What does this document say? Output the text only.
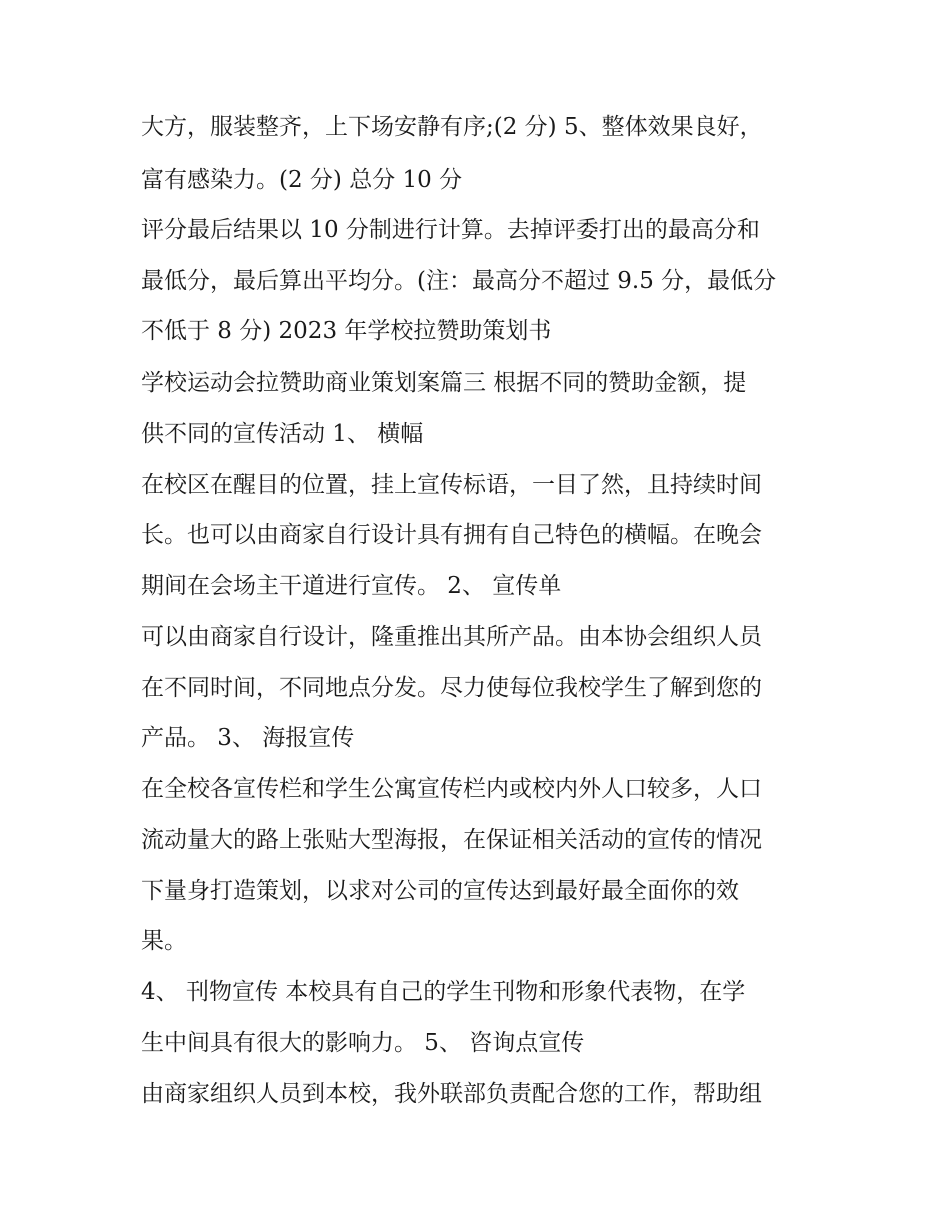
大方，服装整齐，上下场安静有序;(2 分) 5、整体效果良好，

富有感染力。(2 分) 总分 10 分

评分最后结果以 10 分制进行计算。去掉评委打出的最高分和

最低分，最后算出平均分。(注：最高分不超过 9.5 分，最低分

不低于 8 分) 2023 年学校拉赞助策划书

学校运动会拉赞助商业策划案篇三 根据不同的赞助金额，提

供不同的宣传活动 1、 横幅

在校区在醒目的位置，挂上宣传标语，一目了然，且持续时间

长。也可以由商家自行设计具有拥有自己特色的横幅。在晚会

期间在会场主干道进行宣传。 2、 宣传单

可以由商家自行设计，隆重推出其所产品。由本协会组织人员

在不同时间，不同地点分发。尽力使每位我校学生了解到您的

产品。 3、 海报宣传

在全校各宣传栏和学生公寓宣传栏内或校内外人口较多，人口

流动量大的路上张贴大型海报，在保证相关活动的宣传的情况

下量身打造策划，以求对公司的宣传达到最好最全面你的效

果。

4、 刊物宣传 本校具有自己的学生刊物和形象代表物，在学

生中间具有很大的影响力。 5、 咨询点宣传

由商家组织人员到本校，我外联部负责配合您的工作，帮助组
